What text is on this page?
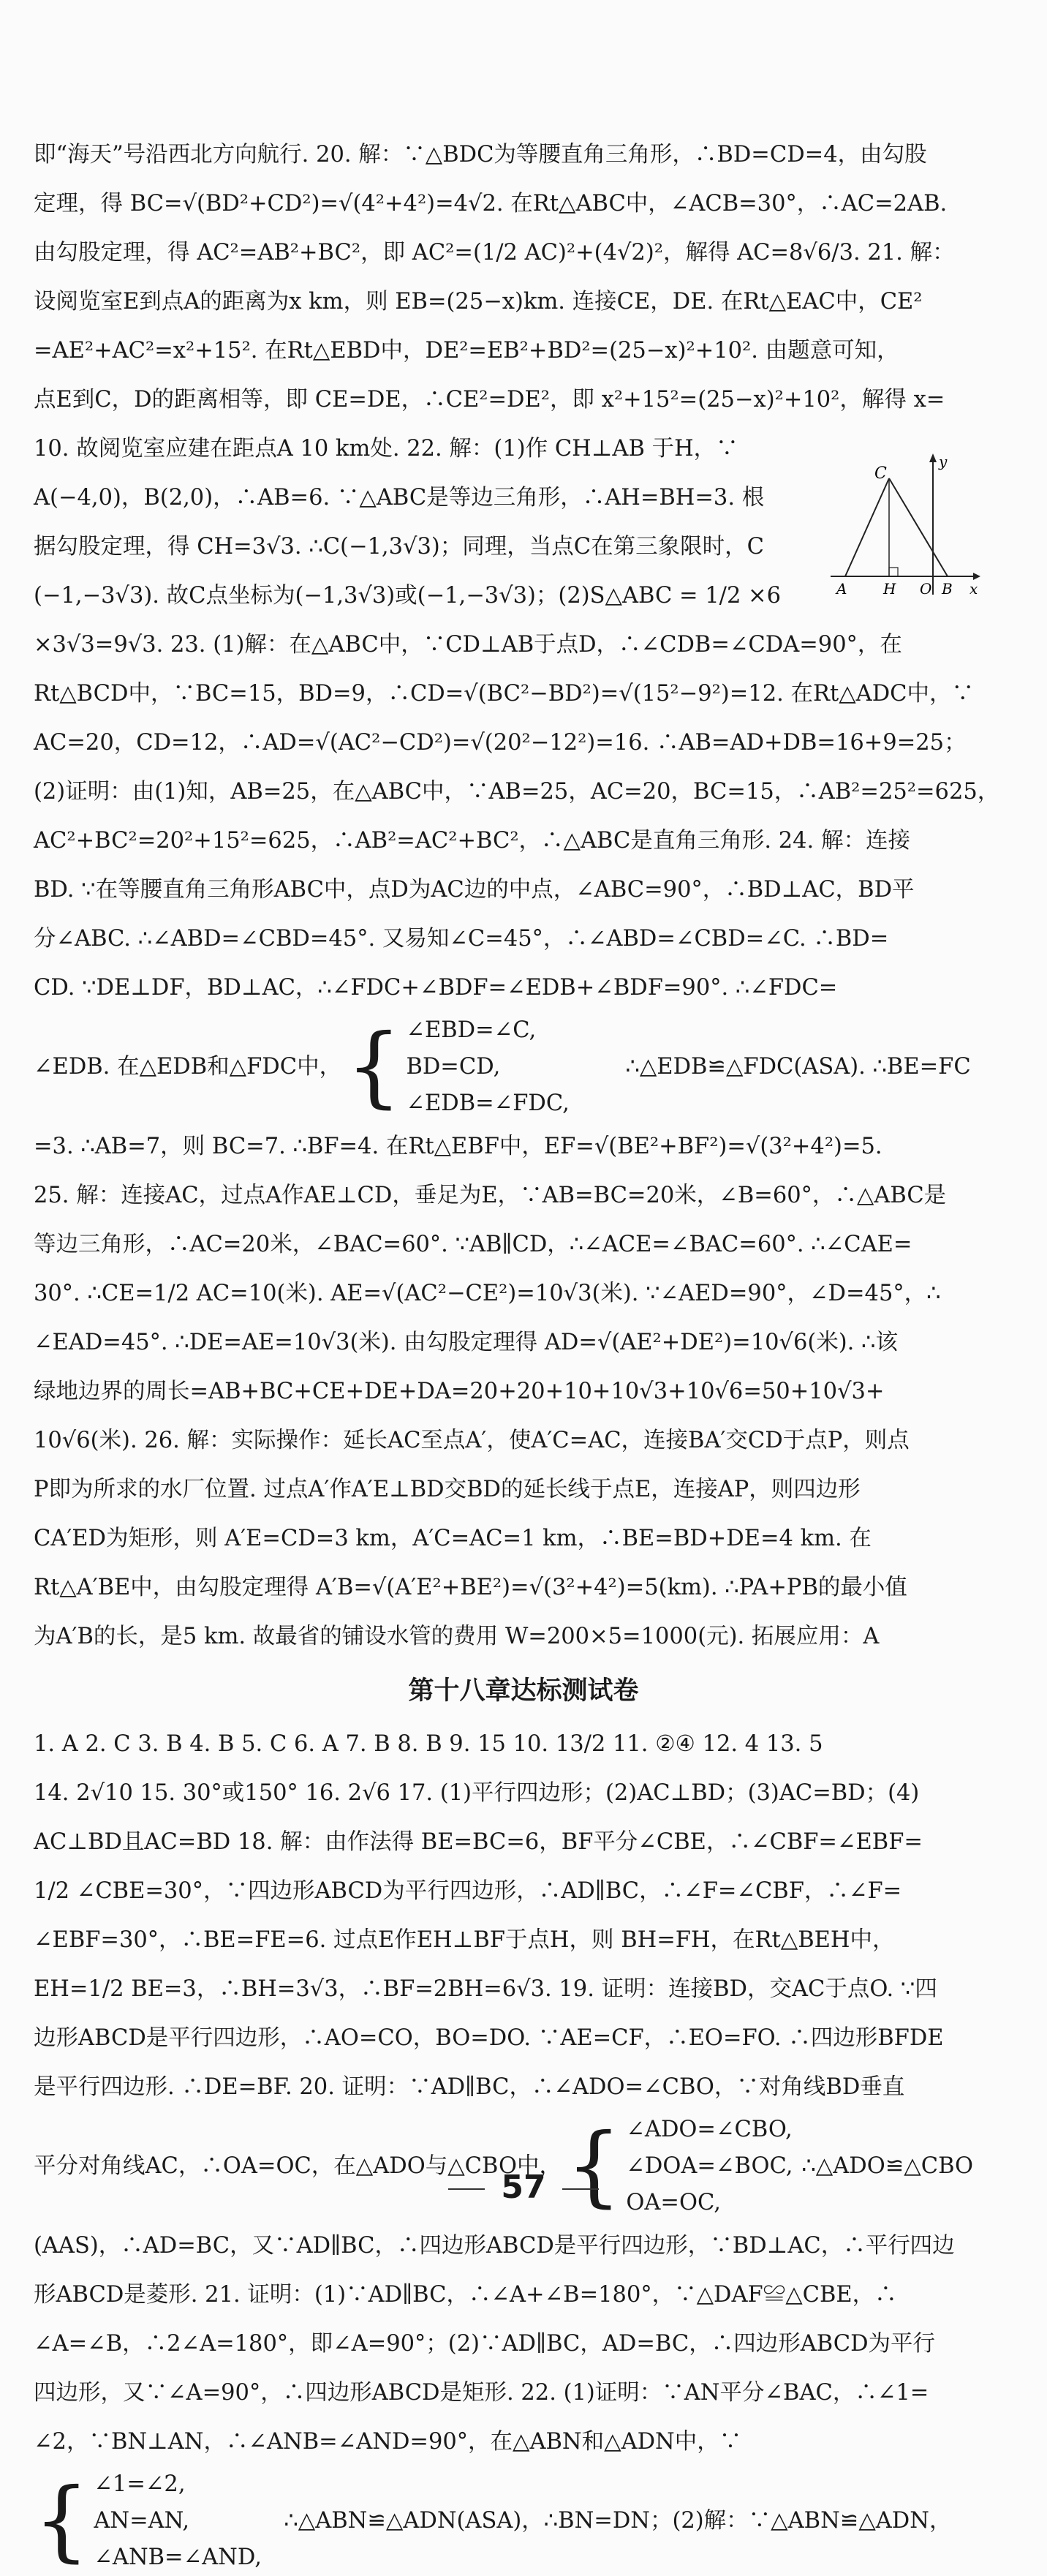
C
y
A H O B x

即“海天”号沿西北方向航行. 20. 解：∵△BDC为等腰直角三角形，∴BD=CD=4，由勾股

定理，得 BC=√(BD²+CD²)=√(4²+4²)=4√2. 在Rt△ABC中，∠ACB=30°，∴AC=2AB.

由勾股定理，得 AC²=AB²+BC²，即 AC²=(1/2 AC)²+(4√2)²，解得 AC=8√6/3. 21. 解：

设阅览室E到点A的距离为x km，则 EB=(25−x)km. 连接CE，DE. 在Rt△EAC中，CE²

=AE²+AC²=x²+15². 在Rt△EBD中，DE²=EB²+BD²=(25−x)²+10². 由题意可知，

点E到C，D的距离相等，即 CE=DE，∴CE²=DE²，即 x²+15²=(25−x)²+10²，解得 x=

10. 故阅览室应建在距点A 10 km处. 22. 解：(1)作 CH⊥AB 于H，∵

A(−4,0)，B(2,0)，∴AB=6. ∵△ABC是等边三角形，∴AH=BH=3. 根

据勾股定理，得 CH=3√3. ∴C(−1,3√3)；同理，当点C在第三象限时，C

(−1,−3√3). 故C点坐标为(−1,3√3)或(−1,−3√3)；(2)S△ABC = 1/2 ×6

×3√3=9√3. 23. (1)解：在△ABC中，∵CD⊥AB于点D，∴∠CDB=∠CDA=90°，在

Rt△BCD中，∵BC=15，BD=9，∴CD=√(BC²−BD²)=√(15²−9²)=12. 在Rt△ADC中，∵

AC=20，CD=12，∴AD=√(AC²−CD²)=√(20²−12²)=16. ∴AB=AD+DB=16+9=25；

(2)证明：由(1)知，AB=25，在△ABC中，∵AB=25，AC=20，BC=15，∴AB²=25²=625，

AC²+BC²=20²+15²=625，∴AB²=AC²+BC²，∴△ABC是直角三角形. 24. 解：连接

BD. ∵在等腰直角三角形ABC中，点D为AC边的中点，∠ABC=90°，∴BD⊥AC，BD平

分∠ABC. ∴∠ABD=∠CBD=45°. 又易知∠C=45°，∴∠ABD=∠CBD=∠C. ∴BD=

CD. ∵DE⊥DF，BD⊥AC，∴∠FDC+∠BDF=∠EDB+∠BDF=90°. ∴∠FDC=

∠EDB. 在△EDB和△FDC中， { ∠EBD=∠C,
BD=CD,
∠EDB=∠FDC,
∴△EDB≌△FDC(ASA). ∴BE=FC

=3. ∴AB=7，则 BC=7. ∴BF=4. 在Rt△EBF中，EF=√(BE²+BF²)=√(3²+4²)=5.

25. 解：连接AC，过点A作AE⊥CD，垂足为E，∵AB=BC=20米，∠B=60°，∴△ABC是

等边三角形，∴AC=20米，∠BAC=60°. ∵AB∥CD，∴∠ACE=∠BAC=60°. ∴∠CAE=

30°. ∴CE=1/2 AC=10(米). AE=√(AC²−CE²)=10√3(米). ∵∠AED=90°，∠D=45°，∴

∠EAD=45°. ∴DE=AE=10√3(米). 由勾股定理得 AD=√(AE²+DE²)=10√6(米). ∴该

绿地边界的周长=AB+BC+CE+DE+DA=20+20+10+10√3+10√6=50+10√3+

10√6(米). 26. 解：实际操作：延长AC至点A′，使A′C=AC，连接BA′交CD于点P，则点

P即为所求的水厂位置. 过点A′作A′E⊥BD交BD的延长线于点E，连接AP，则四边形

CA′ED为矩形，则 A′E=CD=3 km，A′C=AC=1 km，∴BE=BD+DE=4 km. 在

Rt△A′BE中，由勾股定理得 A′B=√(A′E²+BE²)=√(3²+4²)=5(km). ∴PA+PB的最小值

为A′B的长，是5 km. 故最省的铺设水管的费用 W=200×5=1000(元). 拓展应用：A

第十八章达标测试卷

1. A 2. C 3. B 4. B 5. C 6. A 7. B 8. B 9. 15 10. 13/2 11. ②④ 12. 4 13. 5

14. 2√10 15. 30°或150° 16. 2√6 17. (1)平行四边形；(2)AC⊥BD；(3)AC=BD；(4)

AC⊥BD且AC=BD 18. 解：由作法得 BE=BC=6，BF平分∠CBE，∴∠CBF=∠EBF=

1/2 ∠CBE=30°，∵四边形ABCD为平行四边形，∴AD∥BC，∴∠F=∠CBF，∴∠F=

∠EBF=30°，∴BE=FE=6. 过点E作EH⊥BF于点H，则 BH=FH，在Rt△BEH中，

EH=1/2 BE=3，∴BH=3√3，∴BF=2BH=6√3. 19. 证明：连接BD，交AC于点O. ∵四

边形ABCD是平行四边形，∴AO=CO，BO=DO. ∵AE=CF，∴EO=FO. ∴四边形BFDE

是平行四边形. ∴DE=BF. 20. 证明：∵AD∥BC，∴∠ADO=∠CBO，∵对角线BD垂直

平分对角线AC，∴OA=OC，在△ADO与△CBO中， { ∠ADO=∠CBO,
∠DOA=∠BOC,
OA=OC,
∴△ADO≌△CBO

(AAS)，∴AD=BC，又∵AD∥BC，∴四边形ABCD是平行四边形，∵BD⊥AC，∴平行四边

形ABCD是菱形. 21. 证明：(1)∵AD∥BC，∴∠A+∠B=180°，∵△DAF≌△CBE，∴

∠A=∠B，∴2∠A=180°，即∠A=90°；(2)∵AD∥BC，AD=BC，∴四边形ABCD为平行

四边形，又∵∠A=90°，∴四边形ABCD是矩形. 22. (1)证明：∵AN平分∠BAC，∴∠1=

∠2，∵BN⊥AN，∴∠ANB=∠AND=90°，在△ABN和△ADN中，∵

{ ∠1=∠2,
AN=AN,
∠ANB=∠AND,
∴△ABN≌△ADN(ASA)，∴BN=DN；(2)解：∵△ABN≌△ADN，
57
